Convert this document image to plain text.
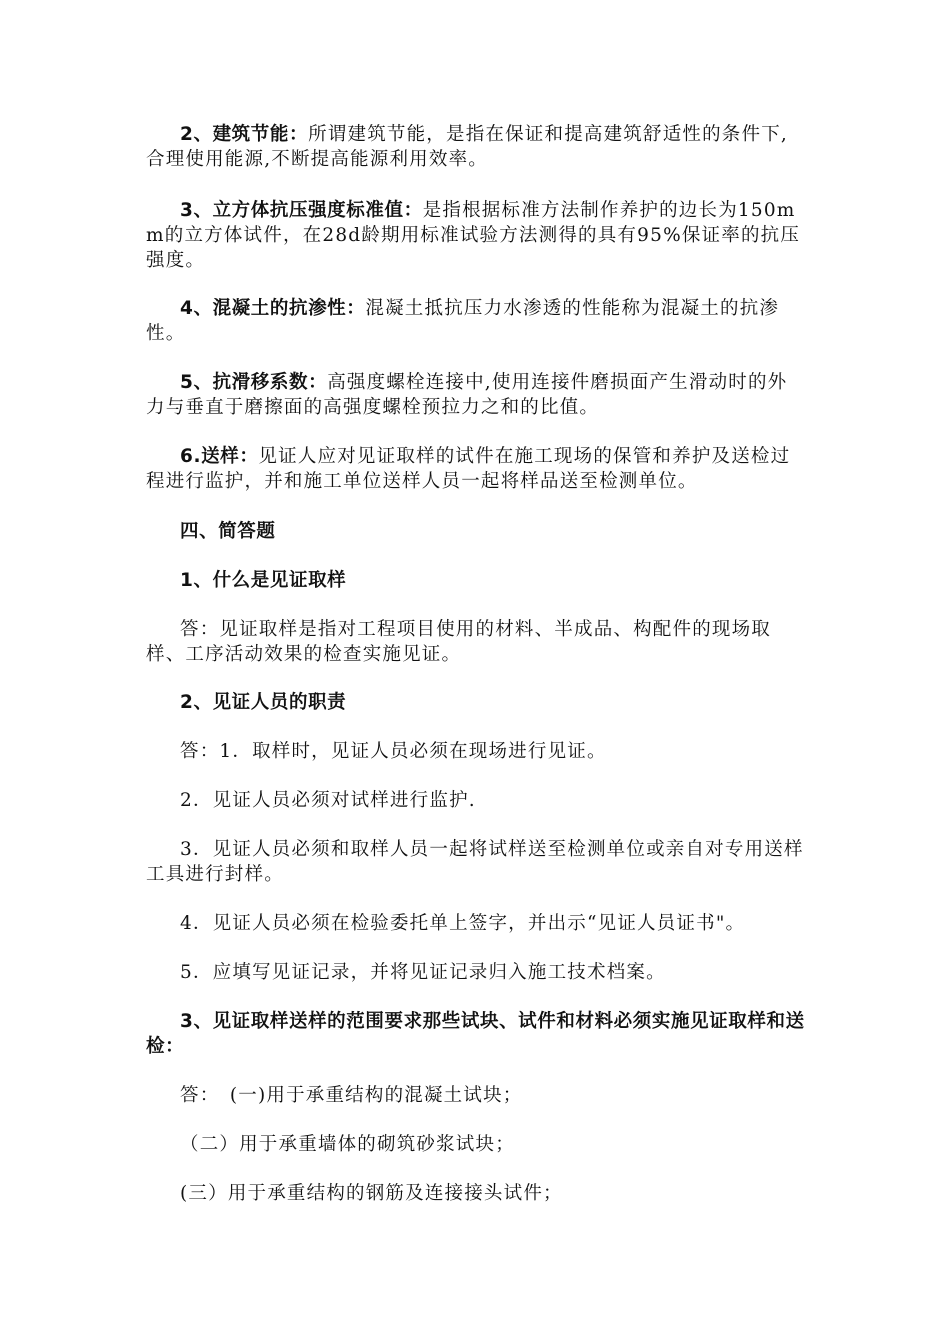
2、建筑节能：所谓建筑节能，是指在保证和提高建筑舒适性的条件下,合理使用能源,不断提高能源利用效率。

3、立方体抗压强度标准值：是指根据标准方法制作养护的边长为150mm的立方体试件，在28d龄期用标准试验方法测得的具有95%保证率的抗压强度。

4、混凝土的抗渗性：混凝土抵抗压力水渗透的性能称为混凝土的抗渗性。

5、抗滑移系数：高强度螺栓连接中,使用连接件磨损面产生滑动时的外力与垂直于磨擦面的高强度螺栓预拉力之和的比值。

6.送样：见证人应对见证取样的试件在施工现场的保管和养护及送检过程进行监护，并和施工单位送样人员一起将样品送至检测单位。

四、简答题

1、什么是见证取样

答：见证取样是指对工程项目使用的材料、半成品、构配件的现场取样、工序活动效果的检查实施见证。

2、见证人员的职责

答：1．取样时，见证人员必须在现场进行见证。

2．见证人员必须对试样进行监护.

3．见证人员必须和取样人员一起将试样送至检测单位或亲自对专用送样工具进行封样。

4．见证人员必须在检验委托单上签字，并出示“见证人员证书"。

5．应填写见证记录，并将见证记录归入施工技术档案。

3、见证取样送样的范围要求那些试块、试件和材料必须实施见证取样和送检：

答：　(一)用于承重结构的混凝土试块；

（二）用于承重墙体的砌筑砂浆试块；

(三）用于承重结构的钢筋及连接接头试件；
